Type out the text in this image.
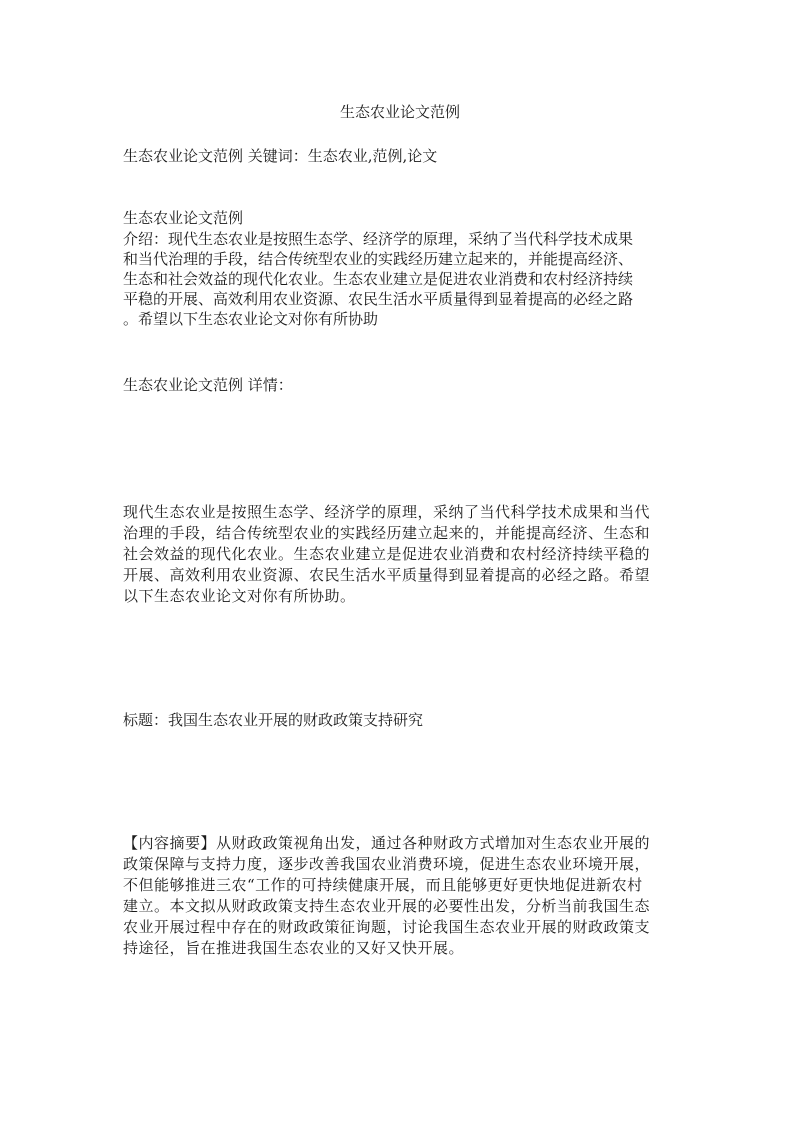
生态农业论文范例

生态农业论文范例 关键词：生态农业,范例,论文

生态农业论文范例

介绍：现代生态农业是按照生态学、经济学的原理，采纳了当代科学技术成果
和当代治理的手段，结合传统型农业的实践经历建立起来的，并能提高经济、
生态和社会效益的现代化农业。生态农业建立是促进农业消费和农村经济持续
平稳的开展、高效利用农业资源、农民生活水平质量得到显着提高的必经之路
。希望以下生态农业论文对你有所协助

生态农业论文范例 详情：

现代生态农业是按照生态学、经济学的原理，采纳了当代科学技术成果和当代
治理的手段，结合传统型农业的实践经历建立起来的，并能提高经济、生态和
社会效益的现代化农业。生态农业建立是促进农业消费和农村经济持续平稳的
开展、高效利用农业资源、农民生活水平质量得到显着提高的必经之路。希望
以下生态农业论文对你有所协助。

标题：我国生态农业开展的财政政策支持研究

【内容摘要】从财政政策视角出发，通过各种财政方式增加对生态农业开展的
政策保障与支持力度，逐步改善我国农业消费环境，促进生态农业环境开展，
不但能够推进三农“工作的可持续健康开展，而且能够更好更快地促进新农村
建立。本文拟从财政政策支持生态农业开展的必要性出发，分析当前我国生态
农业开展过程中存在的财政政策征询题，讨论我国生态农业开展的财政政策支
持途径，旨在推进我国生态农业的又好又快开展。
